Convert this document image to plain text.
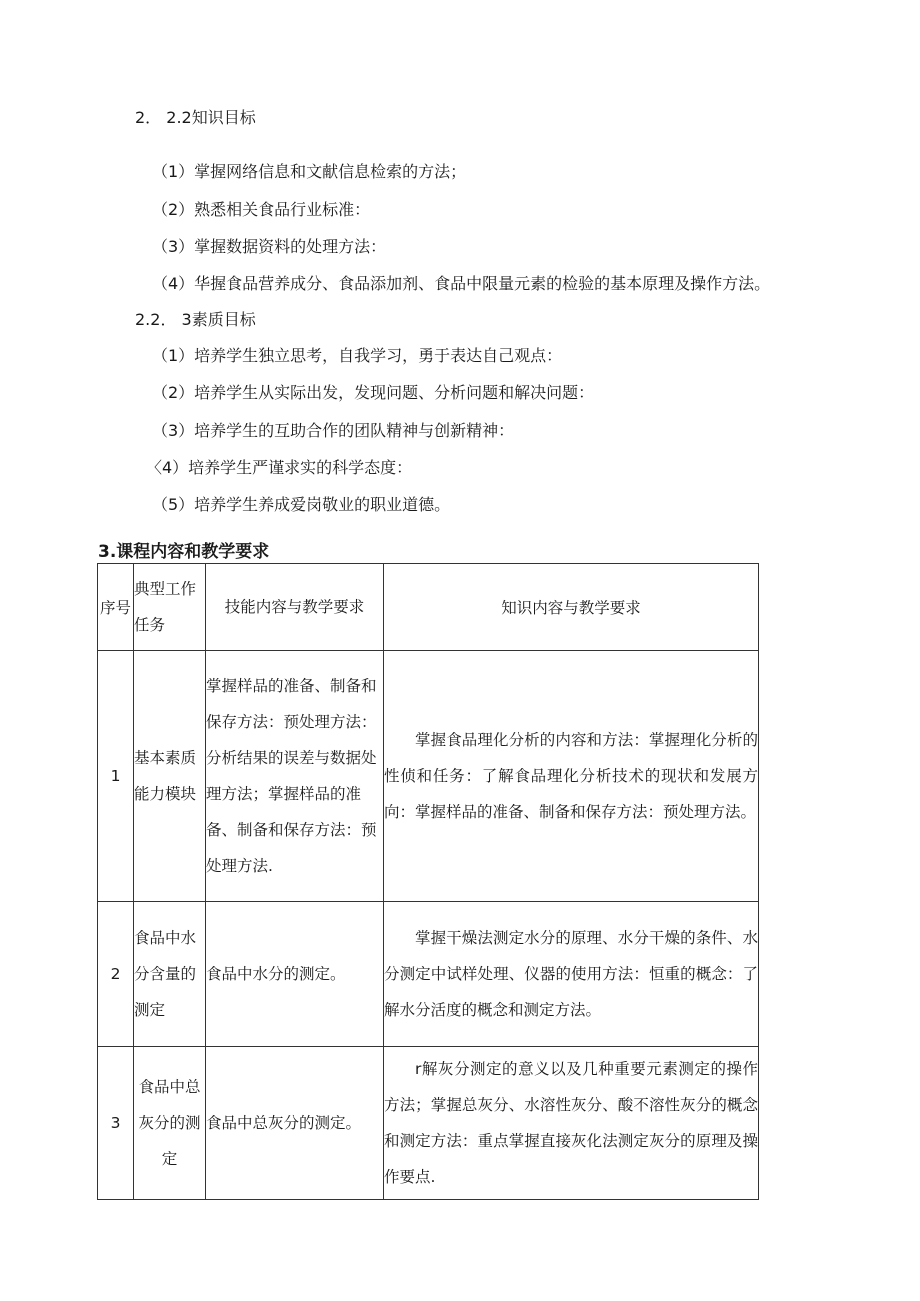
2． 2.2知识目标
（1）掌握网络信息和文献信息检索的方法；
（2）熟悉相关食品行业标准：
（3）掌握数据资料的处理方法：
（4）华握食品营养成分、食品添加剂、食品中限量元素的检验的基本原理及操作方法。
2.2． 3素质目标
（1）培养学生独立思考，自我学习，勇于表达自己观点：
（2）培养学生从实际出发，发现问题、分析问题和解决问题：
（3）培养学生的互助合作的团队精神与创新精神：
〈4）培养学生严谨求实的科学态度：
（5）培养学生养成爱岗敬业的职业道德。
3.课程内容和教学要求
序号	典型工作任务	技能内容与教学要求	知识内容与教学要求
1	基本素质能力模块	掌握样品的准备、制备和保存方法：预处理方法：分析结果的误差与数据处理方法；掌握样品的准备、制备和保存方法：预处理方法.	掌握食品理化分析的内容和方法：掌握理化分析的性侦和任务：了解食品理化分析技术的现状和发展方向：掌握样品的准备、制备和保存方法：预处理方法。
2	食品中水分含量的测定	食品中水分的测定。	掌握干燥法测定水分的原理、水分干燥的条件、水分测定中试样处理、仪器的使用方法：恒重的概念：了解水分活度的概念和测定方法。
3	食品中总灰分的测定	食品中总灰分的测定。	r解灰分测定的意义以及几种重要元素测定的操作方法；掌握总灰分、水溶性灰分、酸不溶性灰分的概念和测定方法：重点掌握直接灰化法测定灰分的原理及操作要点.
